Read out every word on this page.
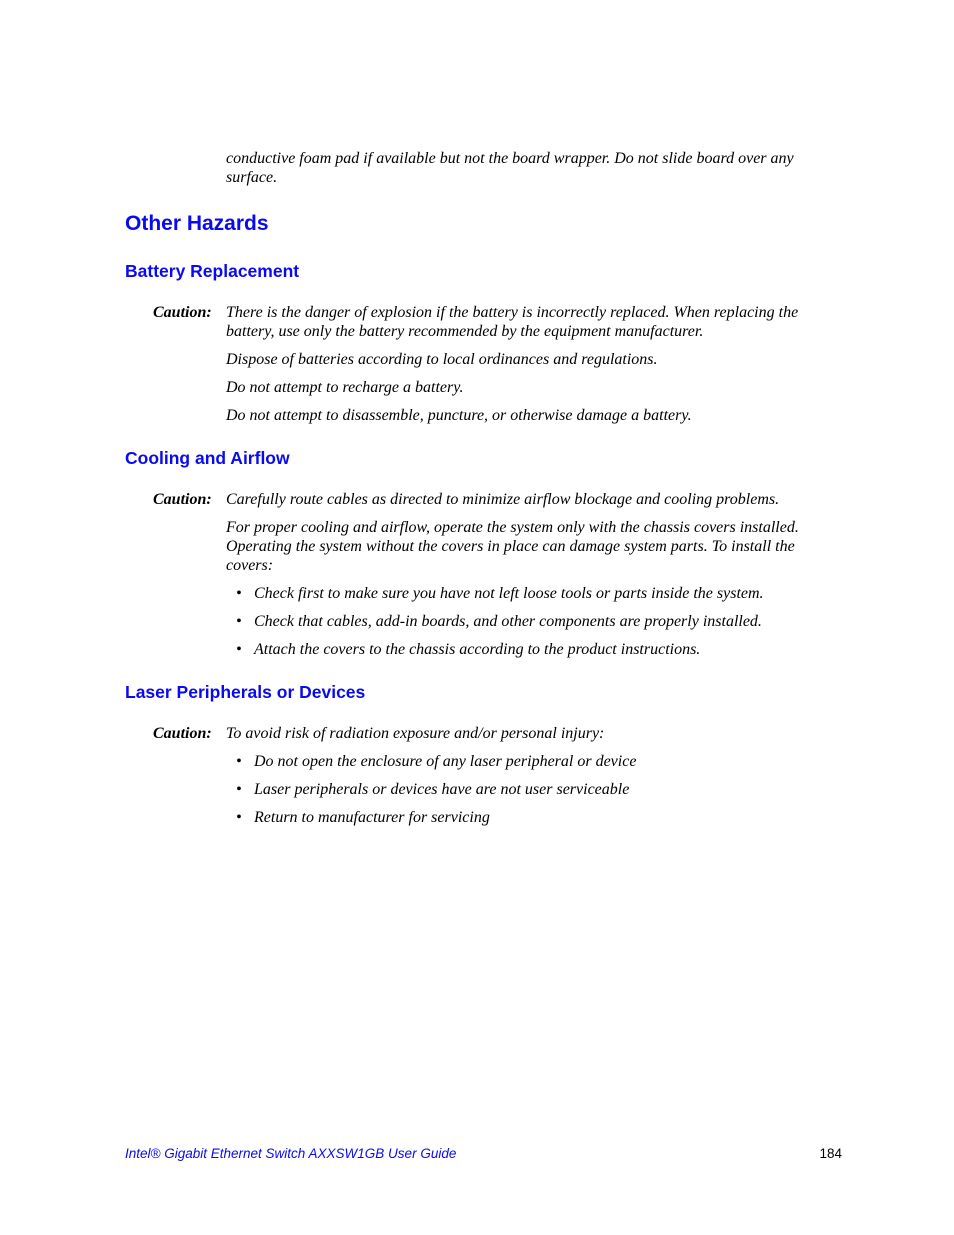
conductive foam pad if available but not the board wrapper. Do not slide board over any surface.

Other Hazards
Battery Replacement

Caution: There is the danger of explosion if the battery is incorrectly replaced. When replacing the battery, use only the battery recommended by the equipment manufacturer.

Dispose of batteries according to local ordinances and regulations.

Do not attempt to recharge a battery.

Do not attempt to disassemble, puncture, or otherwise damage a battery.

Cooling and Airflow

Caution: Carefully route cables as directed to minimize airflow blockage and cooling problems.

For proper cooling and airflow, operate the system only with the chassis covers installed. Operating the system without the covers in place can damage system parts. To install the covers:

• Check first to make sure you have not left loose tools or parts inside the system.
• Check that cables, add-in boards, and other components are properly installed.
• Attach the covers to the chassis according to the product instructions.
Laser Peripherals or Devices

Caution: To avoid risk of radiation exposure and/or personal injury:

• Do not open the enclosure of any laser peripheral or device
• Laser peripherals or devices have are not user serviceable
• Return to manufacturer for servicing

Intel® Gigabit Ethernet Switch AXXSW1GB User Guide	184
